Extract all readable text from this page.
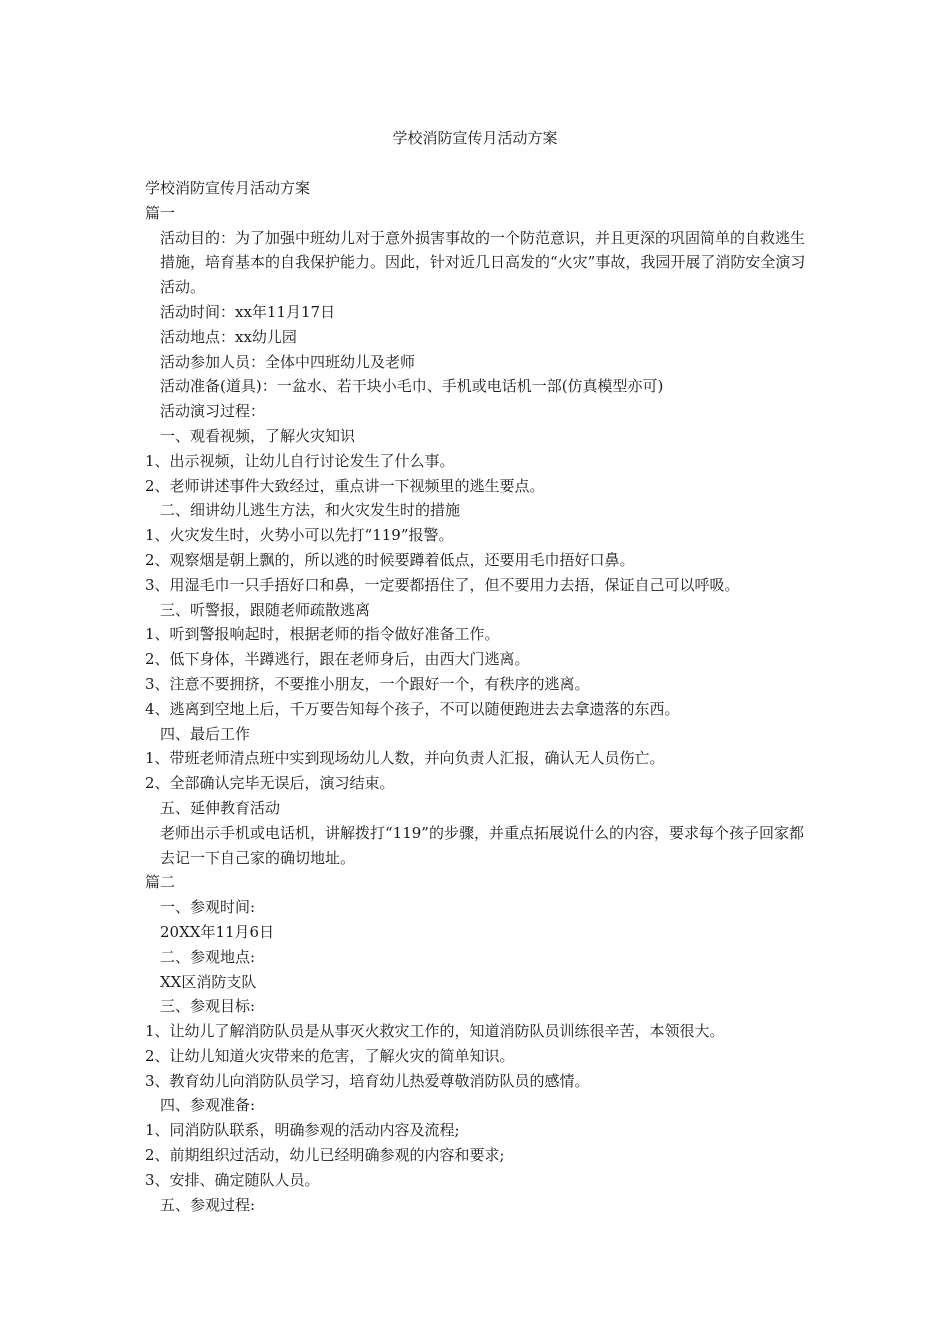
学校消防宣传月活动方案
学校消防宣传月活动方案
篇一
活动目的：为了加强中班幼儿对于意外损害事故的一个防范意识，并且更深的巩固简单的自救逃生措施，培育基本的自我保护能力。因此，针对近几日高发的“火灾”事故，我园开展了消防安全演习活动。
活动时间：xx年11月17日
活动地点：xx幼儿园
活动参加人员：全体中四班幼儿及老师
活动准备(道具)：一盆水、若干块小毛巾、手机或电话机一部(仿真模型亦可)
活动演习过程：
一、观看视频，了解火灾知识
1、出示视频，让幼儿自行讨论发生了什么事。
2、老师讲述事件大致经过，重点讲一下视频里的逃生要点。
二、细讲幼儿逃生方法，和火灾发生时的措施
1、火灾发生时，火势小可以先打“119”报警。
2、观察烟是朝上飘的，所以逃的时候要蹲着低点，还要用毛巾捂好口鼻。
3、用湿毛巾一只手捂好口和鼻，一定要都捂住了，但不要用力去捂，保证自己可以呼吸。
三、听警报，跟随老师疏散逃离
1、听到警报响起时，根据老师的指令做好准备工作。
2、低下身体，半蹲逃行，跟在老师身后，由西大门逃离。
3、注意不要拥挤，不要推小朋友，一个跟好一个，有秩序的逃离。
4、逃离到空地上后，千万要告知每个孩子，不可以随便跑进去去拿遗落的东西。
四、最后工作
1、带班老师清点班中实到现场幼儿人数，并向负责人汇报，确认无人员伤亡。
2、全部确认完毕无误后，演习结束。
五、延伸教育活动
老师出示手机或电话机，讲解拨打“119”的步骤，并重点拓展说什么的内容，要求每个孩子回家都去记一下自己家的确切地址。
篇二
一、参观时间:
20XX年11月6日
二、参观地点:
XX区消防支队
三、参观目标:
1、让幼儿了解消防队员是从事灭火救灾工作的，知道消防队员训练很辛苦，本领很大。
2、让幼儿知道火灾带来的危害，了解火灾的简单知识。
3、教育幼儿向消防队员学习，培育幼儿热爱尊敬消防队员的感情。
四、参观准备:
1、同消防队联系，明确参观的活动内容及流程;
2、前期组织过活动，幼儿已经明确参观的内容和要求;
3、安排、确定随队人员。
五、参观过程:
